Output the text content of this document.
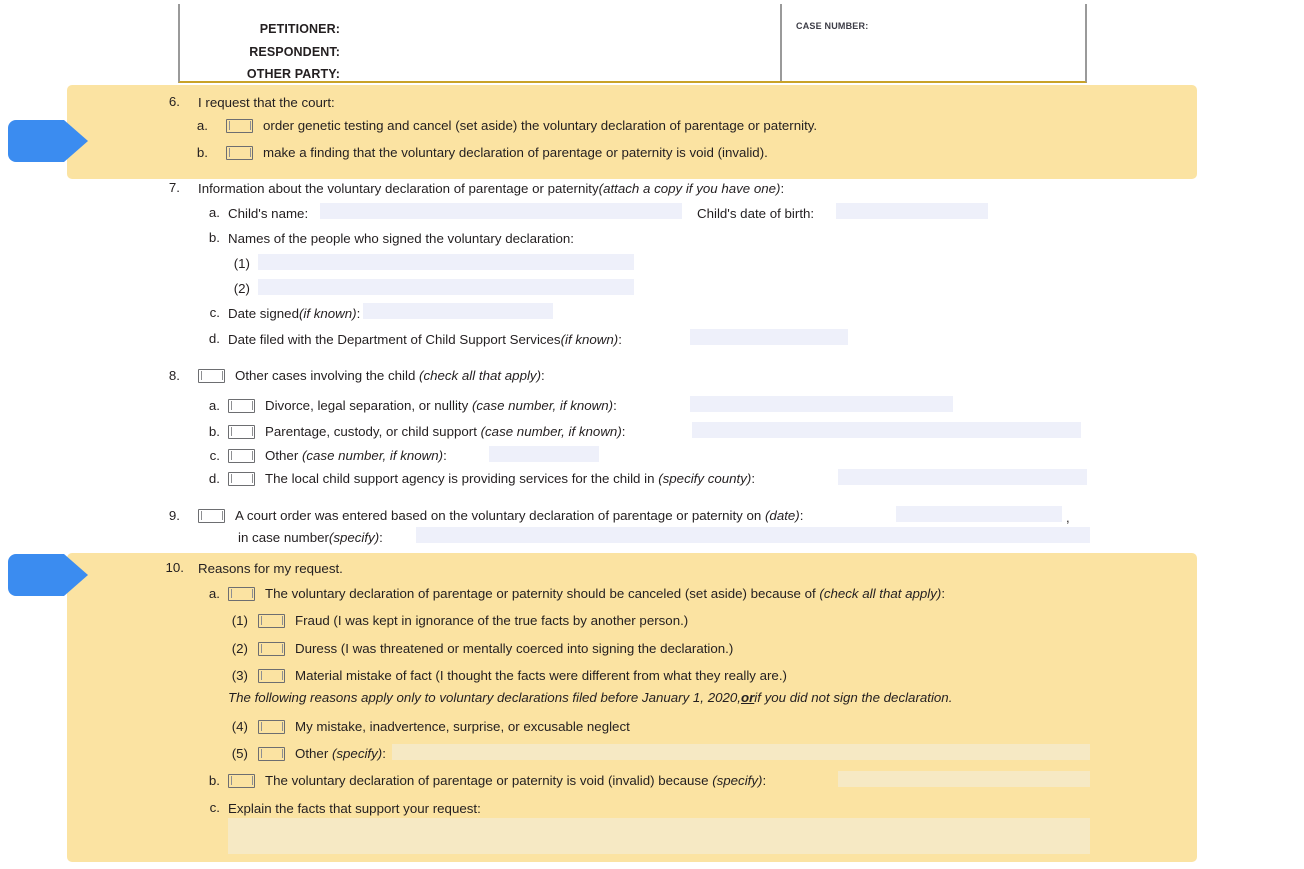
PETITIONER:
RESPONDENT:
OTHER PARTY:
CASE NUMBER:
6. I request that the court:
a.	order genetic testing and cancel (set aside) the voluntary declaration of parentage or paternity.
b.	make a finding that the voluntary declaration of parentage or paternity is void (invalid).
7. Information about the voluntary declaration of parentage or paternity (attach a copy if you have one) :
a. Child's name:	Child's date of birth:
b. Names of the people who signed the voluntary declaration:
(1)
(2)
c. Date signed (if known) :
d. Date filed with the Department of Child Support Services (if known) :
8.	Other cases involving the child (check all that apply):
a.	Divorce, legal separation, or nullity (case number, if known):
b.	Parentage, custody, or child support (case number, if known):
c.	Other (case number, if known):
d.	The local child support agency is providing services for the child in (specify county):
9.	A court order was entered based on the voluntary declaration of parentage or paternity on (date):	,
in case number (specify) :
10. Reasons for my request.
a.	The voluntary declaration of parentage or paternity should be canceled (set aside) because of (check all that apply):
(1)	Fraud (I was kept in ignorance of the true facts by another person.)
(2)	Duress (I was threatened or mentally coerced into signing the declaration.)
(3)	Material mistake of fact (I thought the facts were different from what they really are.)
The following reasons apply only to voluntary declarations filed before January 1, 2020, or if you did not sign the declaration.
(4)	My mistake, inadvertence, surprise, or excusable neglect
(5)	Other (specify):
b.	The voluntary declaration of parentage or paternity is void (invalid) because (specify):
c. Explain the facts that support your request:
